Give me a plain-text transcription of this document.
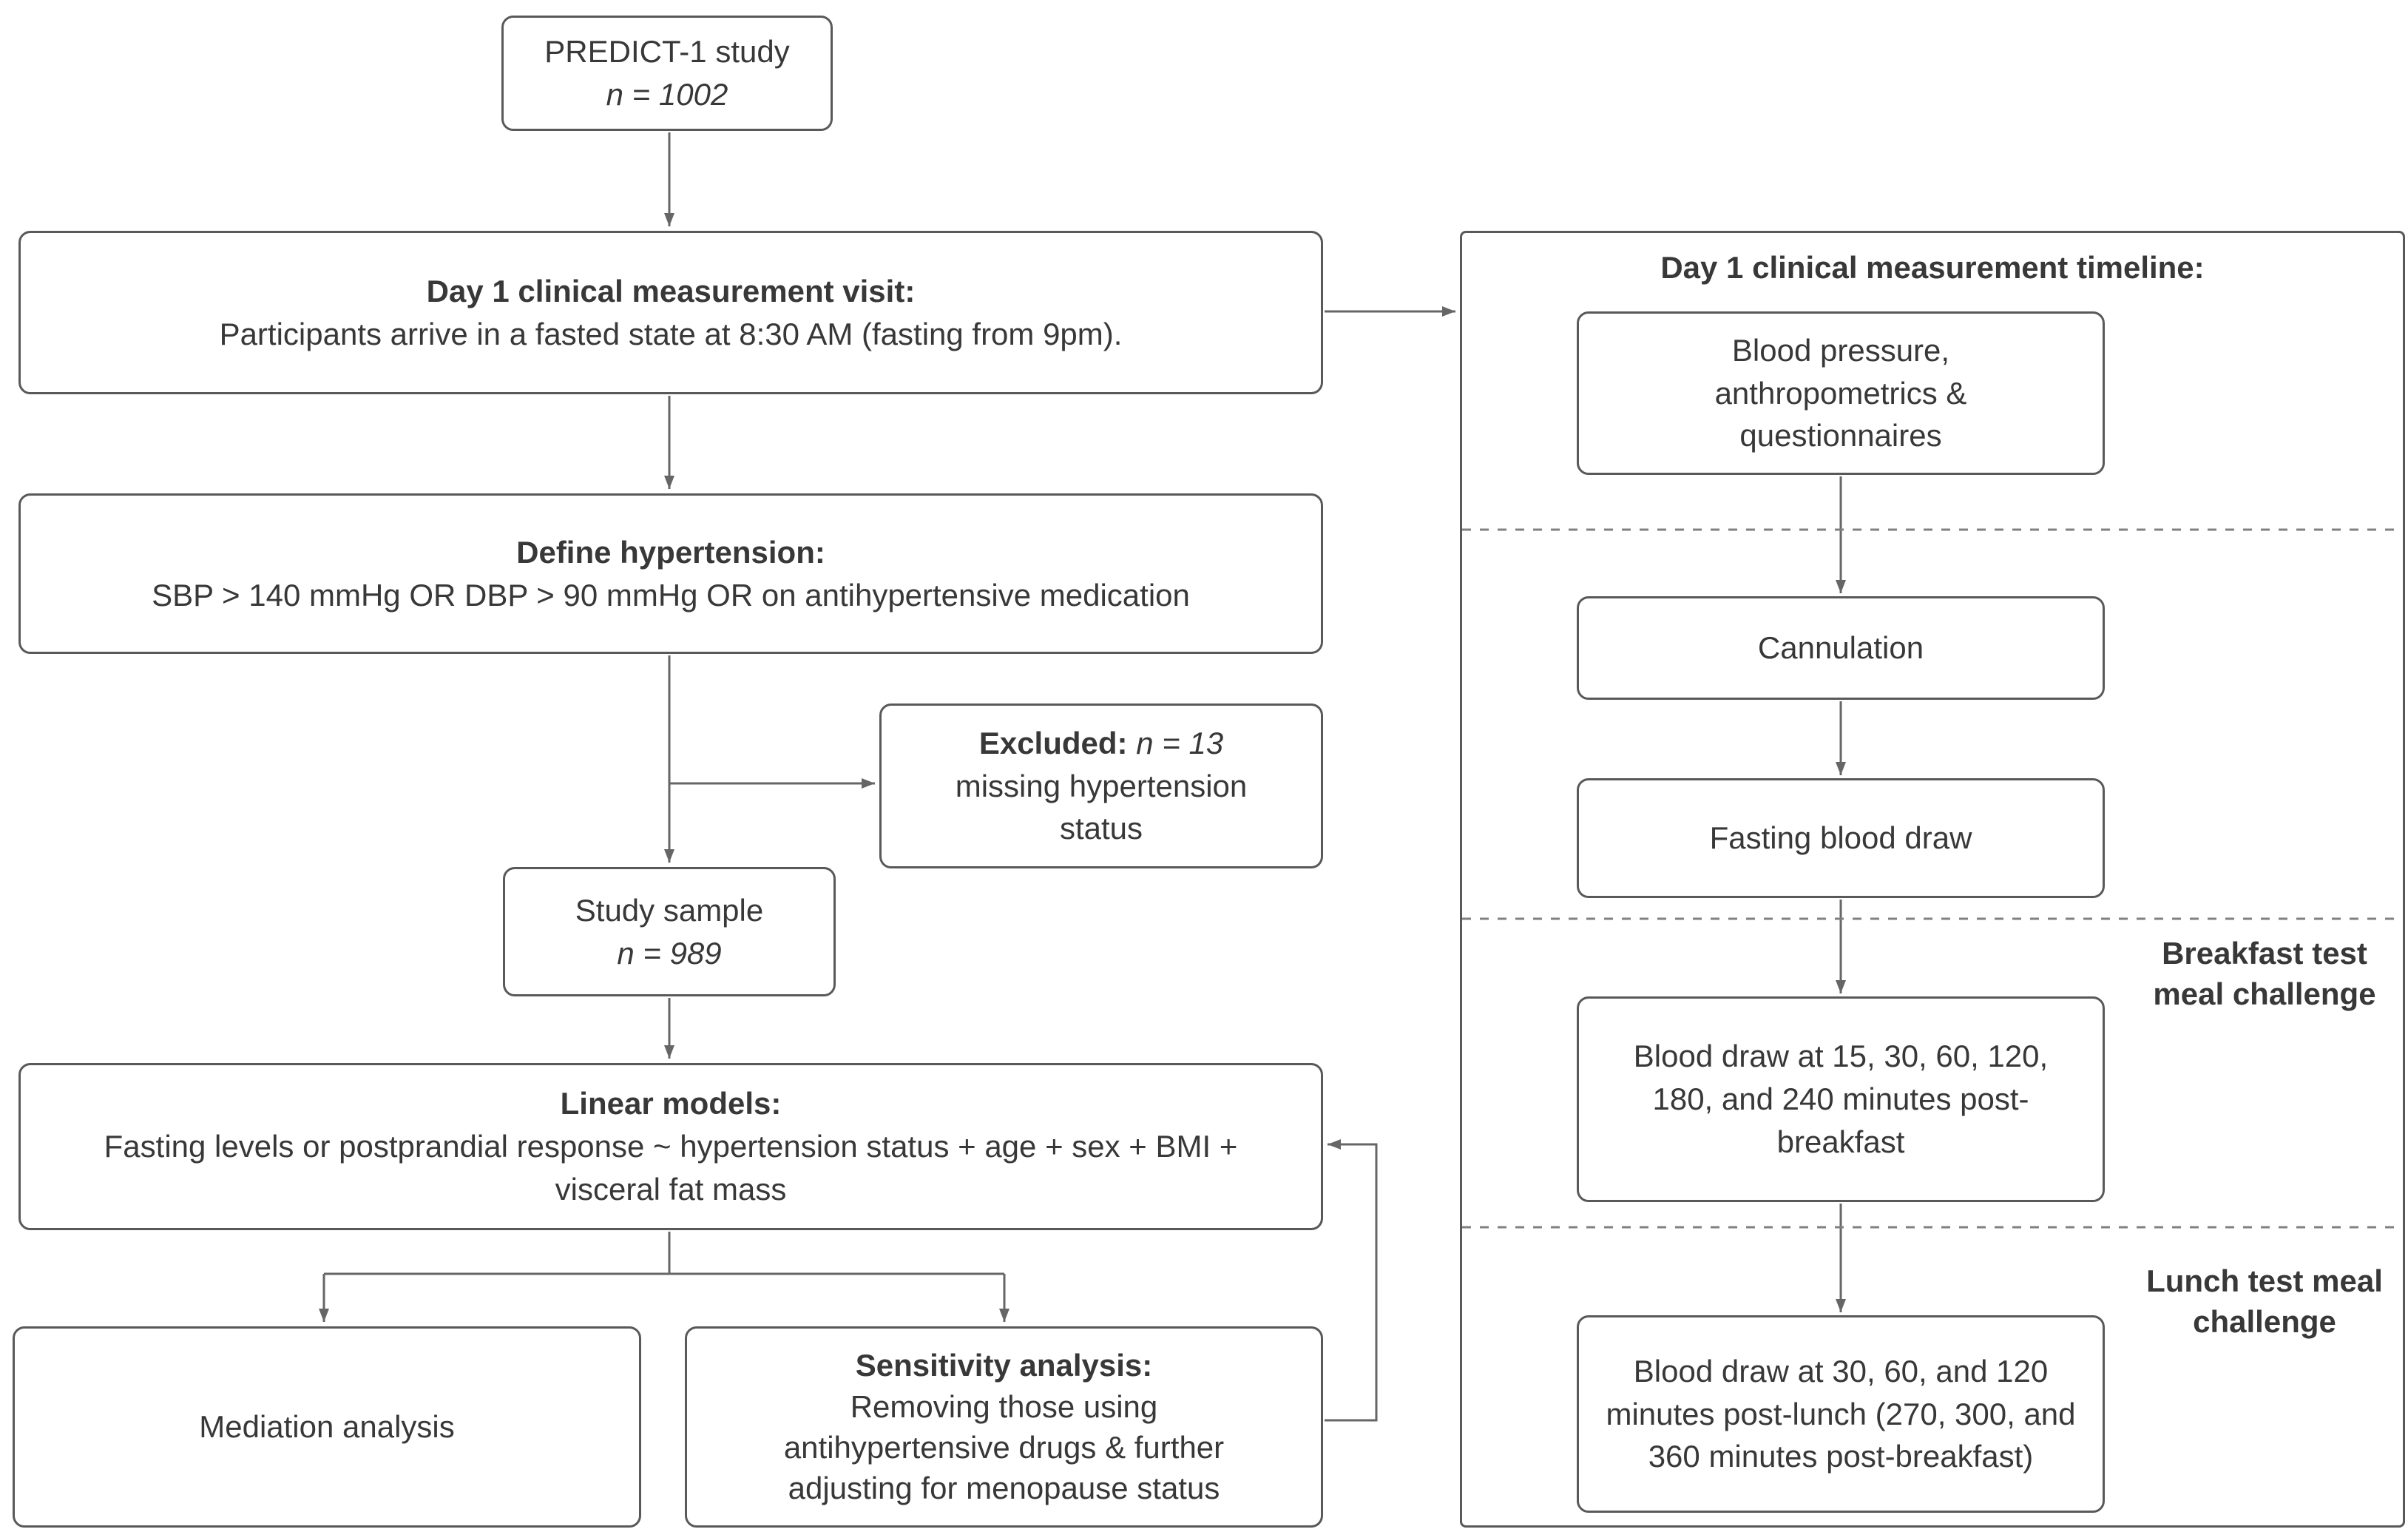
PREDICT-1 study
n = 1002
Day 1 clinical measurement visit:
Participants arrive in a fasted state at 8:30 AM (fasting from 9pm).
Define hypertension:
SBP > 140 mmHg OR DBP > 90 mmHg OR on antihypertensive medication
Excluded: n = 13
missing hypertension status
Study sample
n = 989
Linear models:
Fasting levels or postprandial response ~ hypertension status + age + sex + BMI + visceral fat mass
Mediation analysis
Sensitivity analysis:
Removing those using antihypertensive drugs & further adjusting for menopause status
Day 1 clinical measurement timeline:
Blood pressure, anthropometrics & questionnaires
Cannulation
Fasting blood draw
Breakfast test meal challenge
Blood draw at 15, 30, 60, 120, 180, and 240 minutes post-breakfast
Lunch test meal challenge
Blood draw at 30, 60, and 120 minutes post-lunch (270, 300, and 360 minutes post-breakfast)
